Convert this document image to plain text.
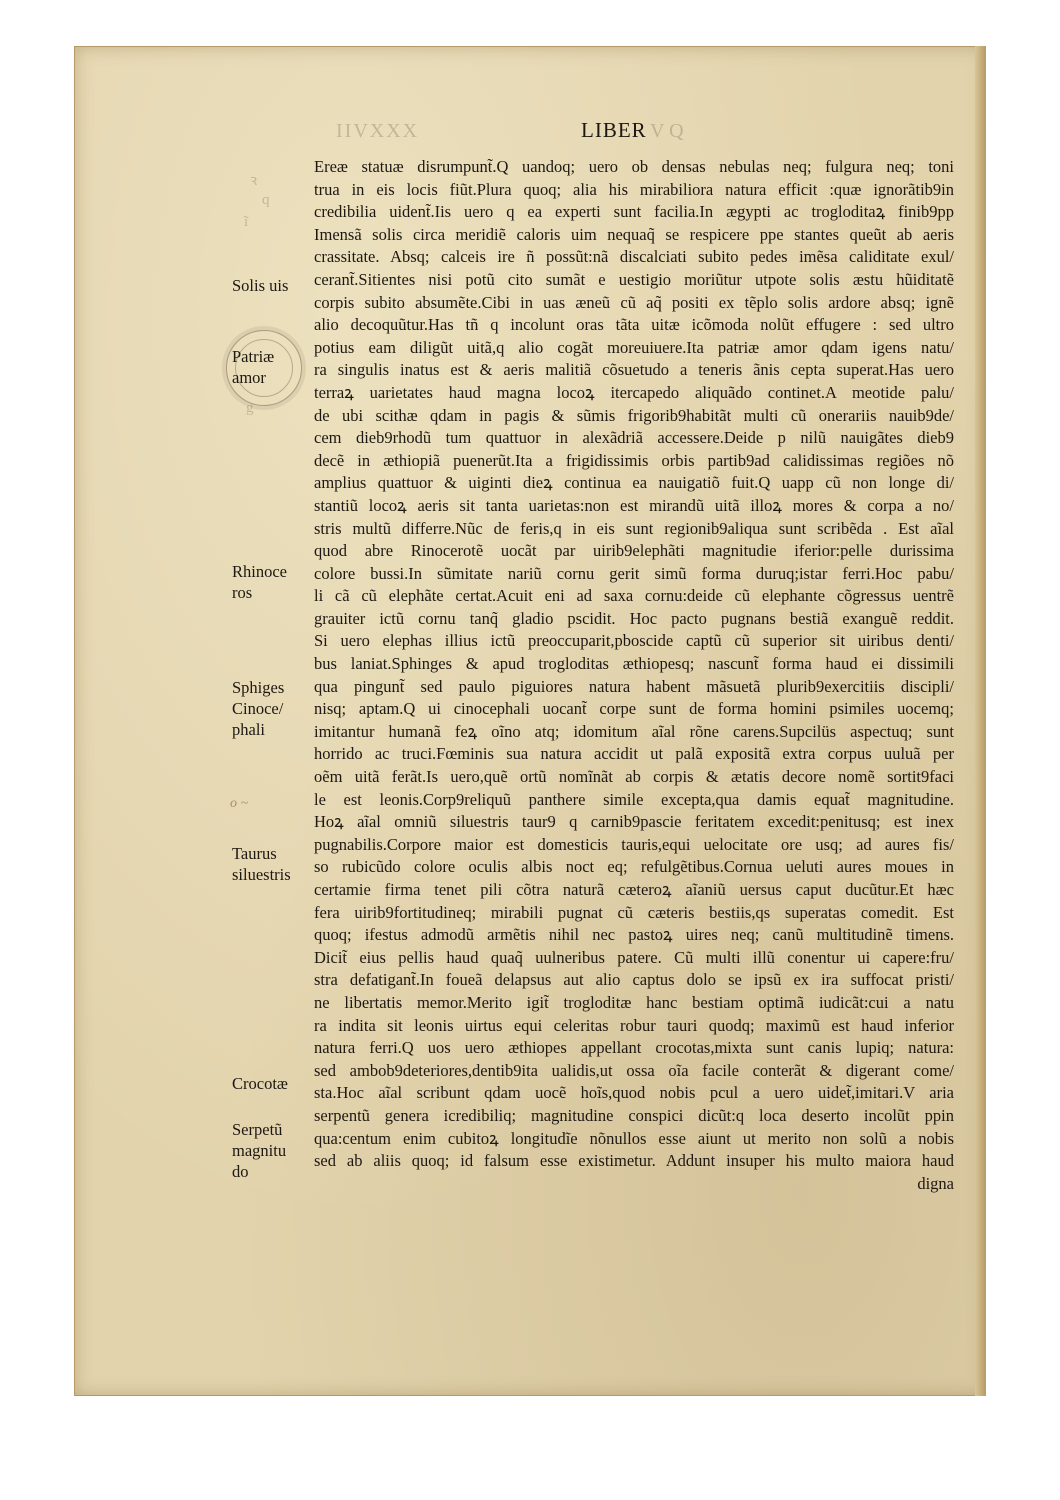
IIVXXX	LIBER V Q
ꝛ
q
ĩ
g
o ~
Solis uis
Patriæ
amor
Rhinoce
ros
Sphiges
Cinoce/
phali
Taurus
siluestris
Crocotæ
Serpetũ
magnitu
do
Ereæ statuæ disrumpunt̃.Q uandoq; uero ob densas nebulas neq; fulgura neq; toni
trua in eis locis fiũt.Plura quoq; alia his mirabiliora natura efficit :quæ ignorãtib9in
credibilia uident̃.Iis uero q ea experti sunt facilia.In ægypti ac trogloditaꝝ finib9pp
Imensã solis circa meridiẽ caloris uim nequaq̃ se respicere ppe stantes queũt ab aeris
crassitate. Absq; calceis ire ñ possũt:nã discalciati subito pedes imẽsa caliditate exul/
cerant̃.Sitientes nisi potũ cito sumãt e uestigio moriũtur utpote solis æstu hũiditatẽ
corpis subito absumẽte.Cibi in uas æneũ cũ aq̃ positi ex tẽplo solis ardore absq; ignẽ
alio decoquũtur.Has tñ q incolunt oras tãta uitæ icõmoda nolũt effugere : sed ultro
potius eam diligũt uitã,q alio cogãt moreuiuere.Ita patriæ amor qdam igens natu/
ra singulis inatus est & aeris malitiã cõsuetudo a teneris ãnis cepta superat.Has uero
terraꝝ uarietates haud magna locoꝝ itercapedo aliquãdo continet.A meotide palu/
de ubi scithæ qdam in pagis & sũmis frigorib9habitãt multi cũ onerariis nauib9de/
cem dieb9rhodũ tum quattuor in alexãdriã accessere.Deide p nilũ nauigãtes dieb9
decẽ in æthiopiã puenerũt.Ita a frigidissimis orbis partib9ad calidissimas regiões nõ
amplius quattuor & uiginti dieꝝ continua ea nauigatiõ fuit.Q uapp cũ non longe di/
stantiũ locoꝝ aeris sit tanta uarietas:non est mirandũ uitã illoꝝ mores & corpa a no/
stris multũ differre.Nũc de feris,q in eis sunt regionib9aliqua sunt scribẽda . Est aĩal
quod abre Rinocerotẽ uocãt par uirib9elephãti magnitudie iferior:pelle durissima
colore bussi.In sũmitate nariũ cornu gerit simũ forma duruq;istar ferri.Hoc pabu/
li cã cũ elephãte certat.Acuit eni ad saxa cornu:deide cũ elephante cõgressus uentrẽ
grauiter ictũ cornu tanq̃ gladio pscidit. Hoc pacto pugnans bestiã exanguẽ reddit.
Si uero elephas illius ictũ preoccuparit,pboscide captũ cũ superior sit uiribus denti/
bus laniat.Sphinges & apud trogloditas æthiopesq; nascunt̃ forma haud ei dissimili
qua pingunt̃ sed paulo piguiores natura habent mãsuetã plurib9exercitiis discipli/
nisq; aptam.Q ui cinocephali uocant̃ corpe sunt de forma homini psimiles uocemq;
imitantur humanã feꝝ oĩno atq; idomitum aĩal rõne carens.Supcilüs aspectuq; sunt
horrido ac truci.Fœminis sua natura accidit ut palã expositã extra corpus uuluã per
oẽm uitã ferãt.Is uero,quẽ ortũ nomĩnãt ab corpis & ætatis decore nomẽ sortit9faci
le est leonis.Corp9reliquũ panthere simile excepta,qua damis equat̃ magnitudine.
Hoꝝ aĩal omniũ siluestris taur9 q carnib9pascie feritatem excedit:penitusq; est inex
pugnabilis.Corpore maior est domesticis tauris,equi uelocitate ore usq; ad aures fis/
so rubicũdo colore oculis albis noct eq; refulgẽtibus.Cornua ueluti aures moues in
certamie firma tenet pili cõtra naturã cæteroꝝ aĩaniũ uersus caput ducũtur.Et hæc
fera uirib9fortitudineq; mirabili pugnat cũ cæteris bestiis,qs superatas comedit. Est
quoq; ifestus admodũ armẽtis nihil nec pastoꝝ uires neq; canũ multitudinẽ timens.
Dicit̃ eius pellis haud quaq̃ uulneribus patere. Cũ multi illũ conentur ui capere:fru/
stra defatigant̃.In foueã delapsus aut alio captus dolo se ipsũ ex ira suffocat pristi/
ne libertatis memor.Merito igit̃ trogloditæ hanc bestiam optimã iudicãt:cui a natu
ra indita sit leonis uirtus equi celeritas robur tauri quodq; maximũ est haud inferior
natura ferri.Q uos uero æthiopes appellant crocotas,mixta sunt canis lupiq; natura:
sed ambob9deteriores,dentib9ita ualidis,ut ossa oĩa facile conterãt & digerant come/
sta.Hoc aĩal scribunt qdam uocẽ hoĩs,quod nobis pcul a uero uidet̃,imitari.V aria
serpentũ genera icredibiliq; magnitudine conspici dicũt:q loca deserto incolũt ppin
qua:centum enim cubitoꝝ longitudĩe nõnullos esse aiunt ut merito non solũ a nobis
sed ab aliis quoq; id falsum esse existimetur. Addunt insuper his multo maiora haud
digna
